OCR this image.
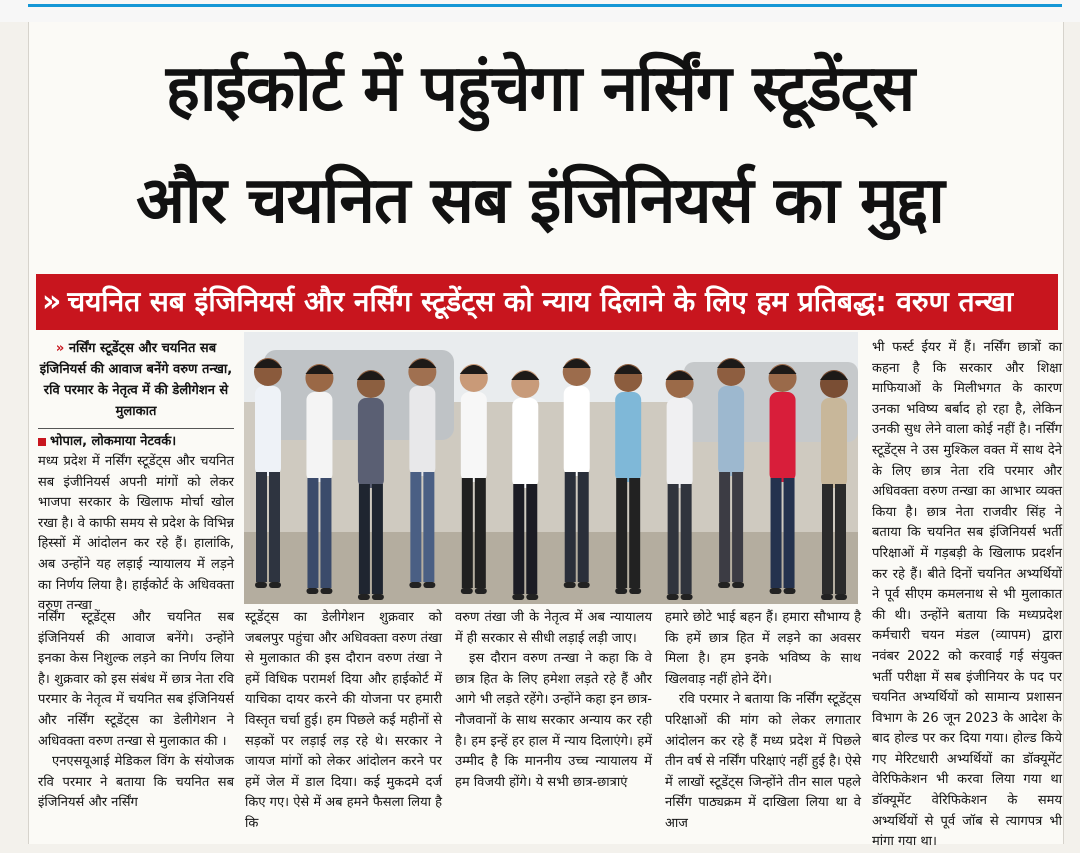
हाईकोर्ट में पहुंचेगा नर्सिंग स्टूडेंट्स
और चयनित सब इंजिनियर्स का मुद्दा
» चयनित सब इंजिनियर्स और नर्सिंग स्टूडेंट्स को न्याय दिलाने के लिए हम प्रतिबद्ध: वरुण तन्खा
» नर्सिंग स्टूडेंट्स और चयनित सब इंजिनियर्स की आवाज बनेंगे वरुण तन्खा, रवि परमार के नेतृत्व में की डेलीगेशन से मुलाकात
भोपाल, लोकमाया नेटवर्क।

मध्य प्रदेश में नर्सिंग स्टूडेंट्स और चयनित सब इंजीनियर्स अपनी मांगों को लेकर भाजपा सरकार के खिलाफ मोर्चा खोल रखा है। वे काफी समय से प्रदेश के विभिन्न हिस्सों में आंदोलन कर रहे हैं। हालांकि, अब उन्होंने यह लड़ाई न्यायालय में लड़ने का निर्णय लिया है। हाईकोर्ट के अधिवक्ता वरुण तन्खा

नर्सिंग स्टूडेंट्स और चयनित सब इंजिनियर्स की आवाज बनेंगे। उन्होंने इनका केस निशुल्क लड़ने का निर्णय लिया है। शुक्रवार को इस संबंध में छात्र नेता रवि परमार के नेतृत्व में चयनित सब इंजिनियर्स और नर्सिंग स्टूडेंट्स का डेलीगेशन ने अधिवक्ता वरुण तन्खा से मुलाकात की ।

एनएसयूआई मेडिकल विंग के संयोजक रवि परमार ने बताया कि चयनित सब इंजिनियर्स और नर्सिंग

स्टूडेंट्स का डेलीगेशन शुक्रवार को जबलपुर पहुंचा और अधिवक्ता वरुण तंखा से मुलाकात की इस दौरान वरुण तंखा ने हमें विधिक परामर्श दिया और हाईकोर्ट में याचिका दायर करने की योजना पर हमारी विस्तृत चर्चा हुई। हम पिछले कई महीनों से सड़कों पर लड़ाई लड़ रहे थे। सरकार ने जायज मांगों को लेकर आंदोलन करने पर हमें जेल में डाल दिया। कई मुकदमे दर्ज किए गए। ऐसे में अब हमने फैसला लिया है कि

वरुण तंखा जी के नेतृत्व में अब न्यायालय में ही सरकार से सीधी लड़ाई लड़ी जाए।

इस दौरान वरुण तन्खा ने कहा कि वे छात्र हित के लिए हमेशा लड़ते रहे हैं और आगे भी लड़ते रहेंगे। उन्होंने कहा इन छात्र-नौजवानों के साथ सरकार अन्याय कर रही है। हम इन्हें हर हाल में न्याय दिलाएंगे। हमें उम्मीद है कि माननीय उच्च न्यायालय में हम विजयी होंगे। ये सभी छात्र-छात्राएं

हमारे छोटे भाई बहन हैं। हमारा सौभाग्य है कि हमें छात्र हित में लड़ने का अवसर मिला है। हम इनके भविष्य के साथ खिलवाड़ नहीं होने देंगे।

रवि परमार ने बताया कि नर्सिंग स्टूडेंट्स परिक्षाओं की मांग को लेकर लगातार आंदोलन कर रहे हैं मध्य प्रदेश में पिछले तीन वर्ष से नर्सिंग परिक्षाएं नहीं हुई है। ऐसे में लाखों स्टूडेंट्स जिन्होंने तीन साल पहले नर्सिंग पाठ्यक्रम में दाखिला लिया था वे आज

भी फर्स्ट ईयर में हैं। नर्सिंग छात्रों का कहना है कि सरकार और शिक्षा माफियाओं के मिलीभगत के कारण उनका भविष्य बर्बाद हो रहा है, लेकिन उनकी सुध लेने वाला कोई नहीं है। नर्सिंग स्टूडेंट्स ने उस मुश्किल वक्त में साथ देने के लिए छात्र नेता रवि परमार और अधिवक्ता वरुण तन्खा का आभार व्यक्त किया है। छात्र नेता राजवीर सिंह ने बताया कि चयनित सब इंजिनियर्स भर्ती परिक्षाओं में गड़बड़ी के खिलाफ प्रदर्शन कर रहे हैं। बीते दिनों चयनित अभ्यर्थियों ने पूर्व सीएम कमलनाथ से भी मुलाकात की थी। उन्होंने बताया कि मध्यप्रदेश कर्मचारी चयन मंडल (व्यापम) द्वारा नवंबर 2022 को करवाई गई संयुक्त भर्ती परीक्षा में सब इंजीनियर के पद पर चयनित अभ्यर्थियों को सामान्य प्रशासन विभाग के 26 जून 2023 के आदेश के बाद होल्ड पर कर दिया गया। होल्ड किये गए मेरिटधारी अभ्यर्थियों का डॉक्यूमेंट वेरिफिकेशन भी करवा लिया गया था डॉक्यूमेंट वेरिफिकेशन के समय अभ्यर्थियों से पूर्व जॉब से त्यागपत्र भी मांगा गया था।
